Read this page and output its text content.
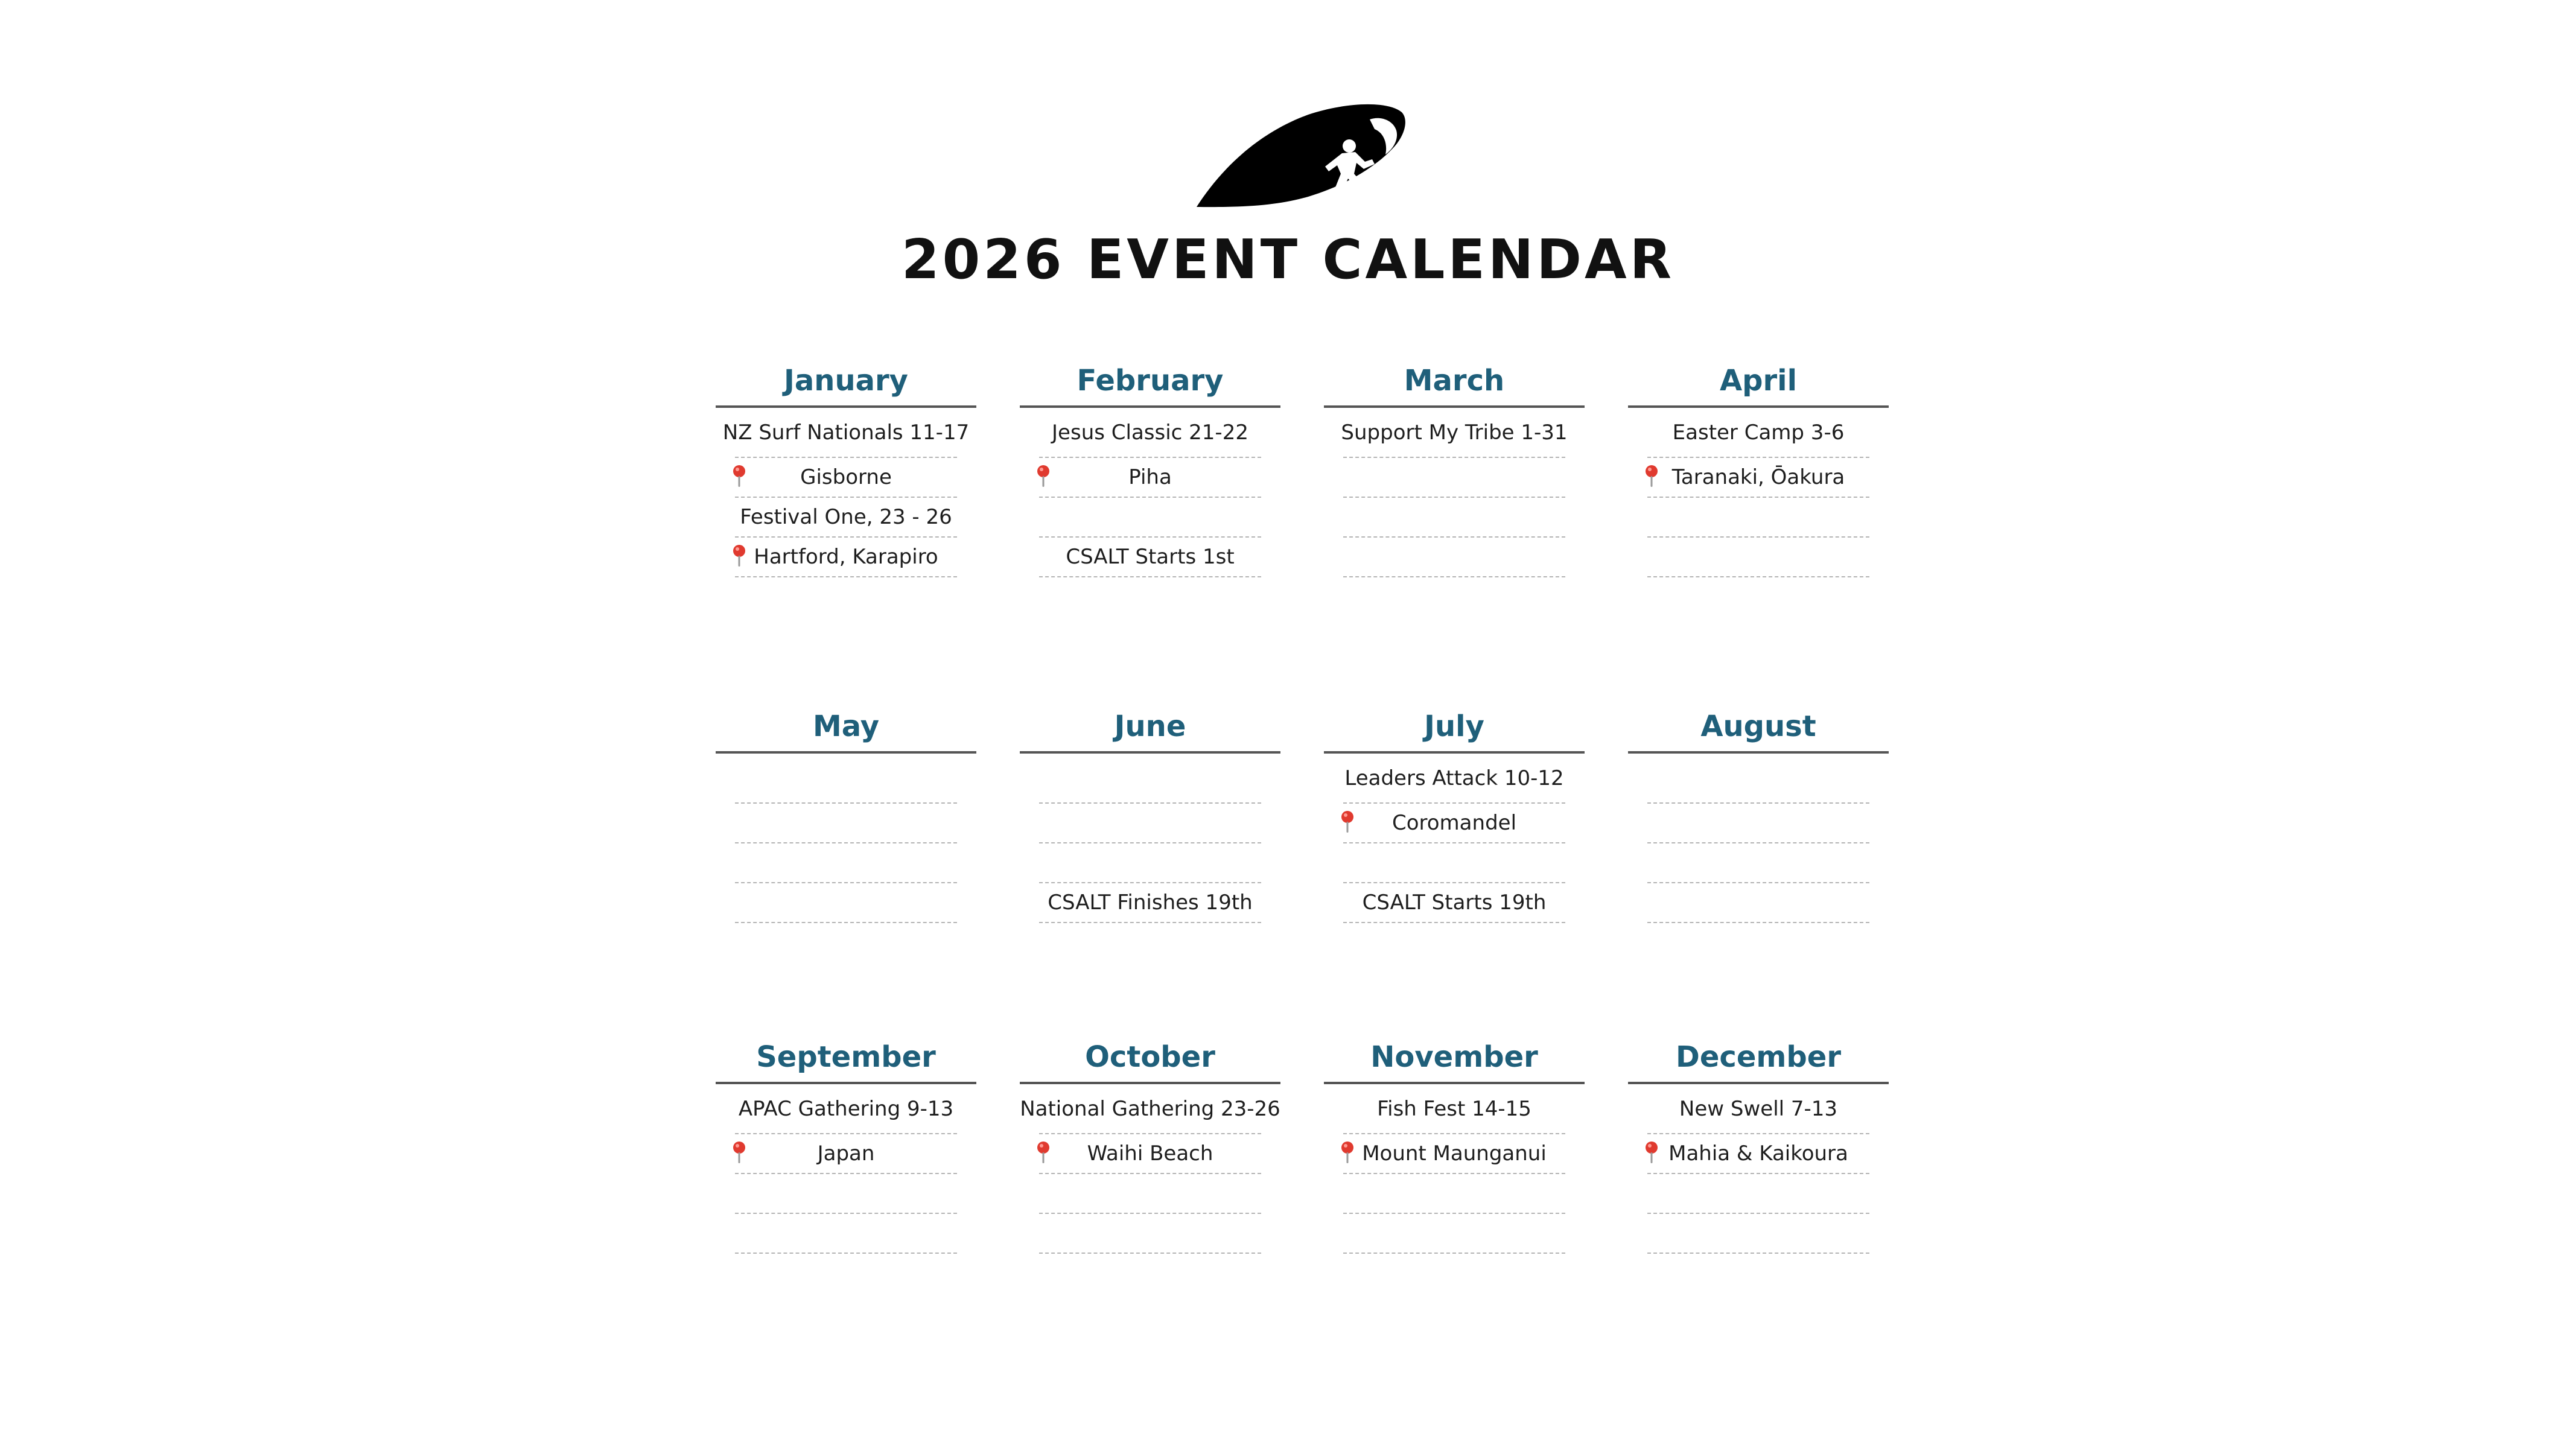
2026 EVENT CALENDAR
January
NZ Surf Nationals 11-17
Gisborne
Festival One, 23 - 26
Hartford, Karapiro
February
Jesus Classic 21-22
Piha
CSALT Starts 1st
March
Support My Tribe 1-31
April
Easter Camp 3-6
Taranaki, Ōakura
May	June
CSALT Finishes 19th
July
Leaders Attack 10-12
Coromandel
CSALT Starts 19th
August
September
APAC Gathering 9-13
Japan
October
National Gathering 23-26
Waihi Beach
November
Fish Fest 14-15
Mount Maunganui
December
New Swell 7-13
Mahia & Kaikoura
